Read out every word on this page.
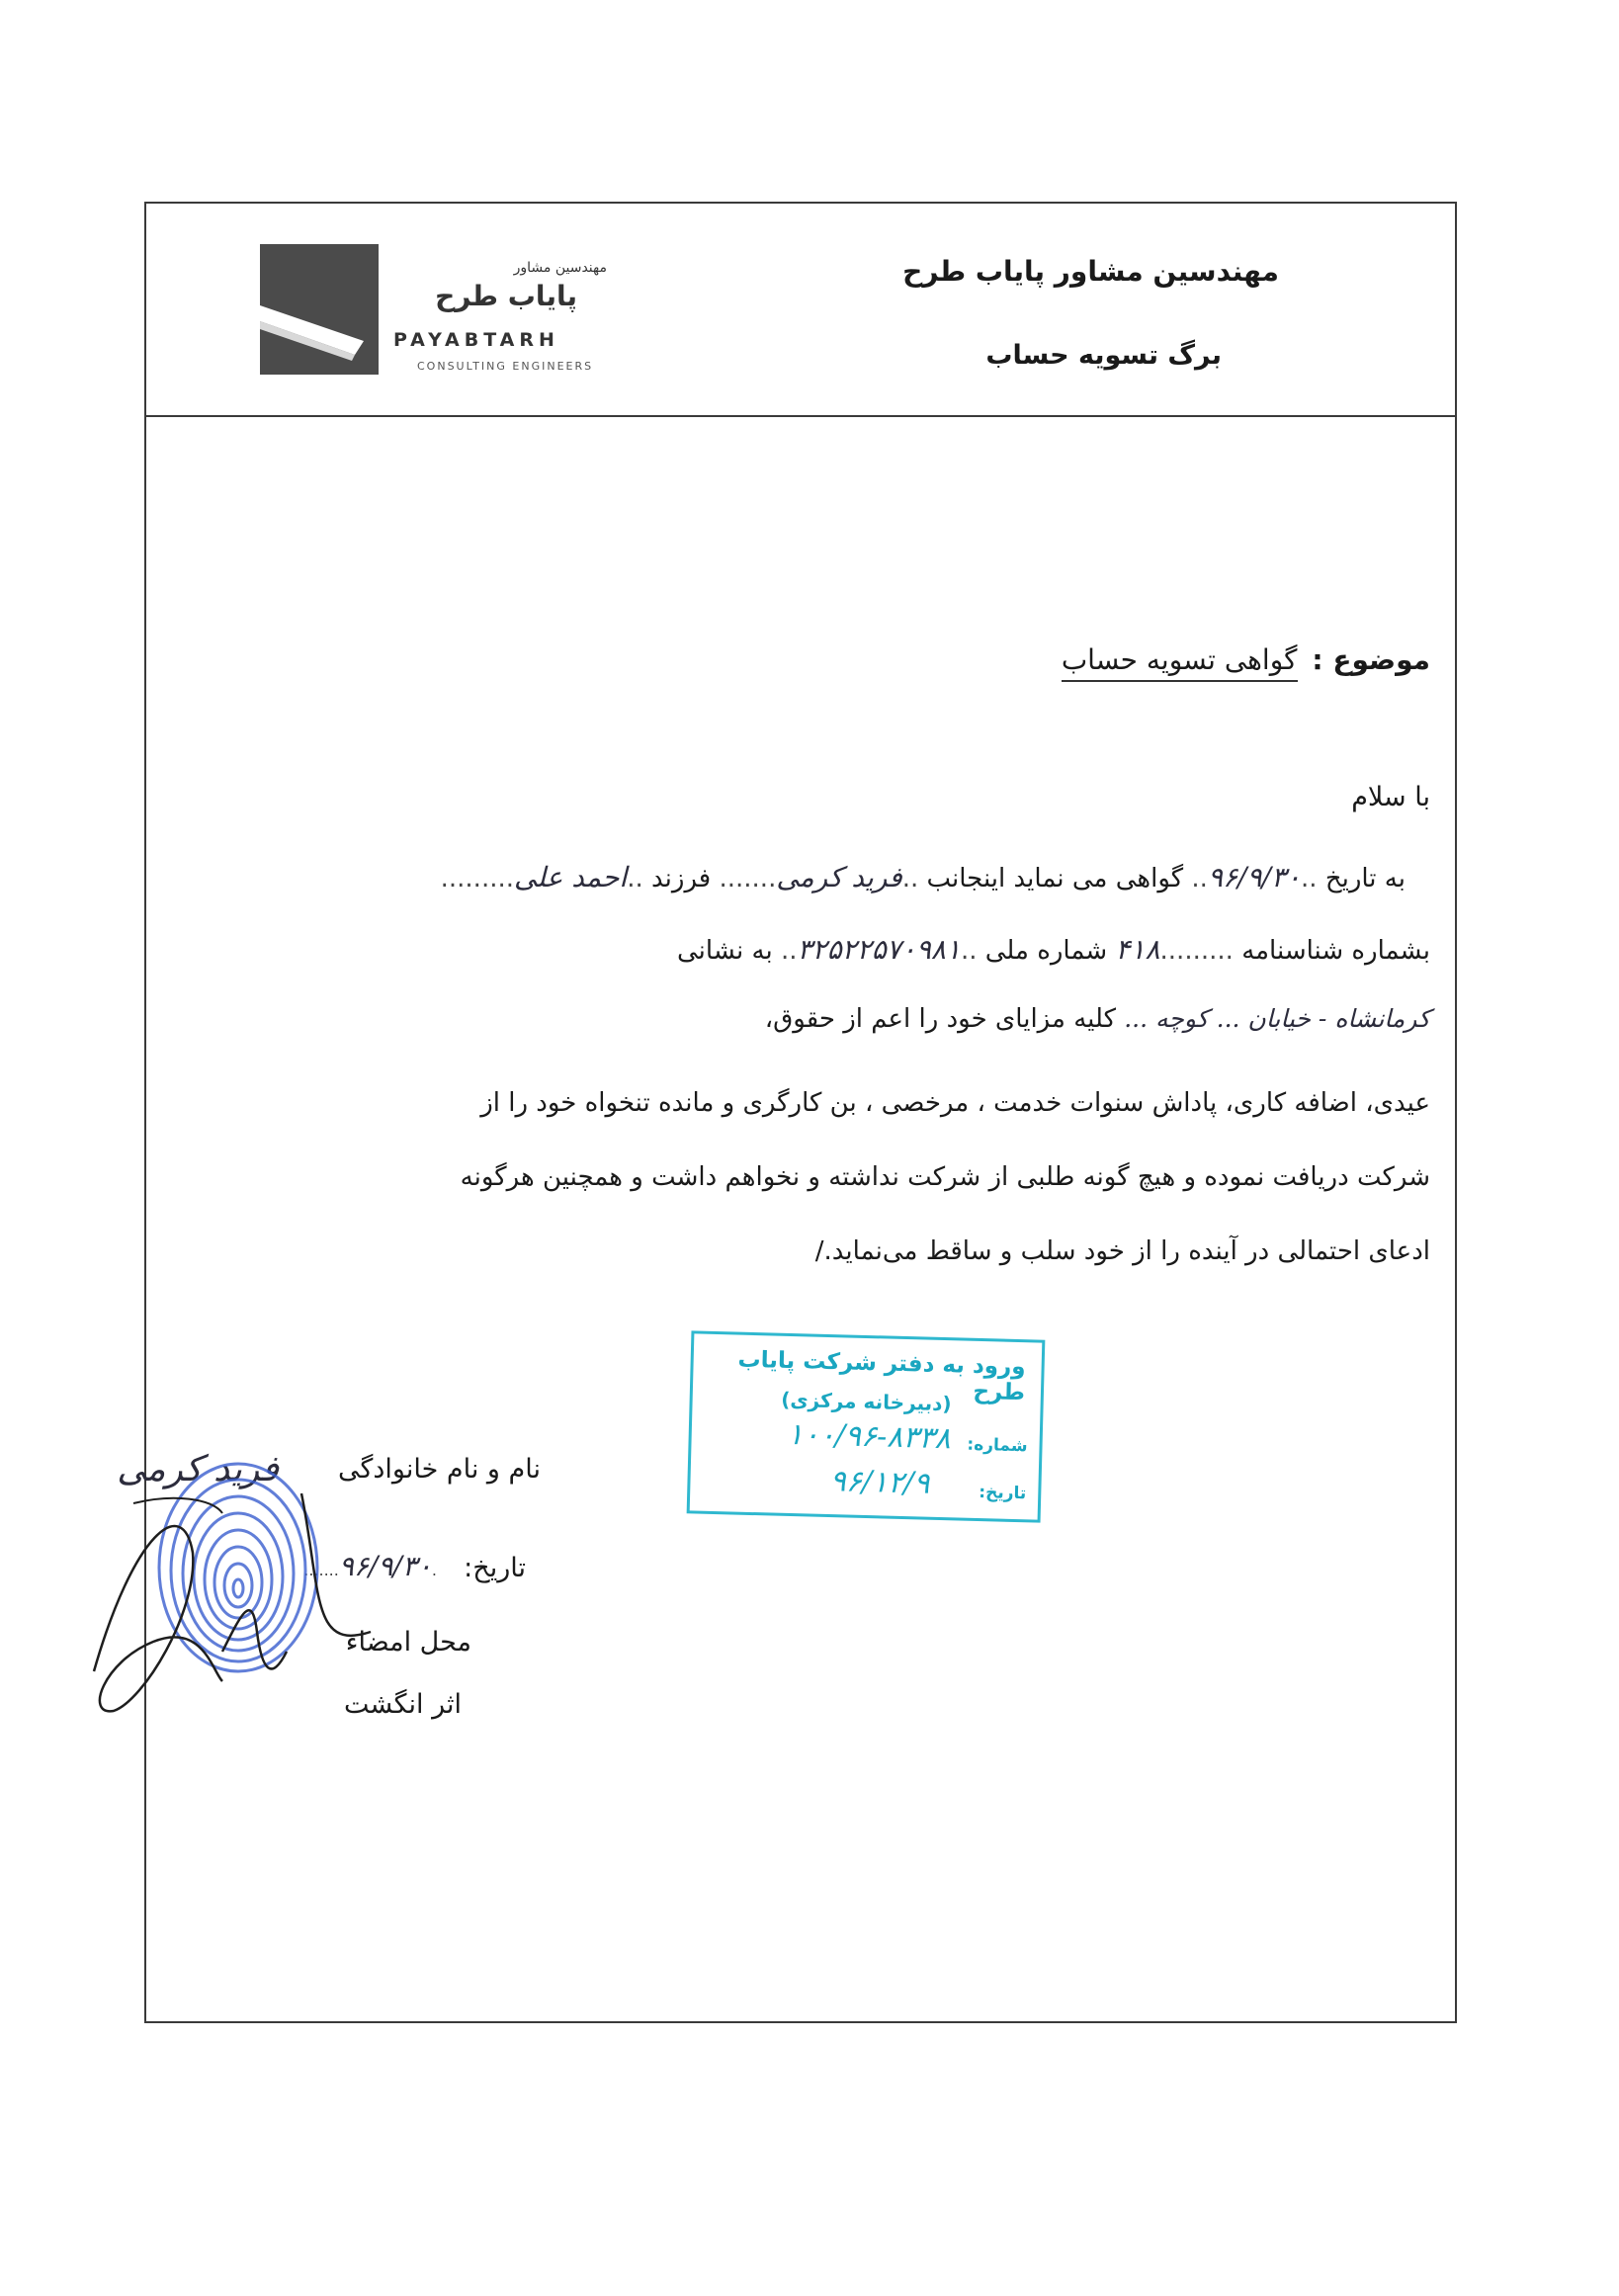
مهندسین مشاور
پایاب طرح
PAYABTARH
CONSULTING ENGINEERS
مهندسین مشاور پایاب طرح
برگ تسویه حساب
موضوع : گواهی تسویه حساب
با سلام
به تاریخ ..۹۶/۹/۳۰.. گواهی می نماید اینجانب ..فرید کرمی....... فرزند ..احمد علی.........
بشماره شناسنامه .........۴۱۸ شماره ملی ..۳۲۵۲۲۵۷۰۹۸۱.. به نشانی
کرمانشاه - خیابان ... کوچه ... کلیه مزایای خود را اعم از حقوق،
عیدی، اضافه کاری، پاداش سنوات خدمت ، مرخصی ، بن کارگری و مانده تنخواه خود را از
شرکت دریافت نموده و هیچ گونه طلبی از شرکت نداشته و نخواهم داشت و همچنین هرگونه
ادعای احتمالی در آینده را از خود سلب و ساقط می‌نماید./
نام و نام خانوادگی
فرید کرمی
تاریخ:
.۹۶/۹/۳۰.......
محل امضاء
اثر انگشت
ورود به دفتر شرکت پایاب طرح
(دبیرخانه مرکزی)
شماره:
۱۰۰/۹۶-۸۳۳۸
تاریخ:
۹۶/۱۲/۹
